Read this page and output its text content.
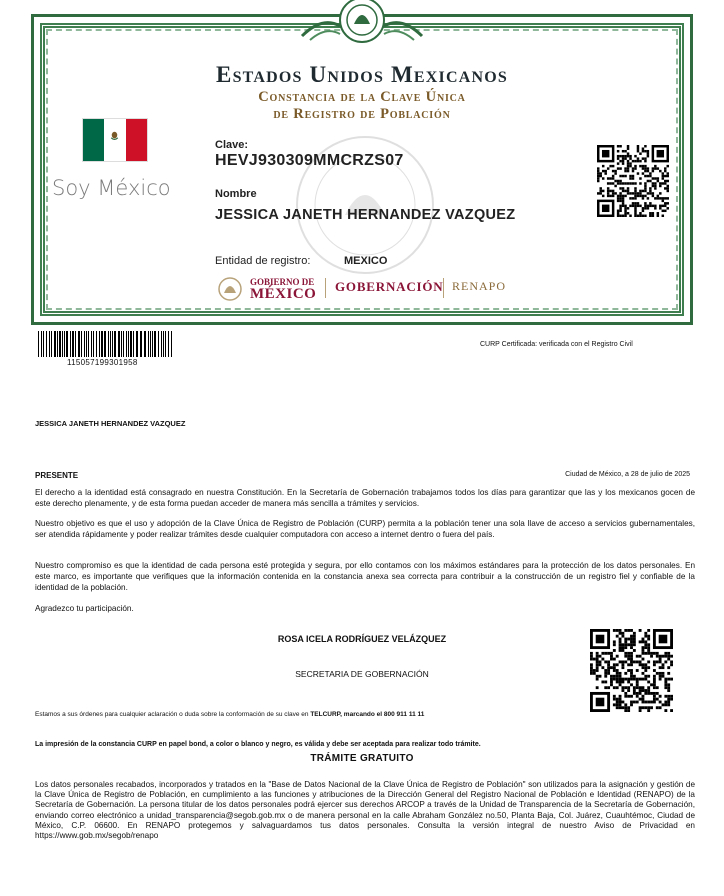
Estados Unidos Mexicanos
Constancia de la Clave Única
de Registro de Población
Soy México
Clave:
HEVJ930309MMCRZS07
Nombre
JESSICA JANETH HERNANDEZ VAZQUEZ
Entidad de registro:	MEXICO
GOBIERNO DE
MÉXICO GOBERNACIÓN RENAPO
115057199301958
CURP Certificada: verificada con el Registro Civil
JESSICA JANETH HERNANDEZ VAZQUEZ
PRESENTE	Ciudad de México, a 28 de julio de 2025
El derecho a la identidad está consagrado en nuestra Constitución. En la Secretaría de Gobernación trabajamos todos los días para garantizar que las y los mexicanos gocen de este derecho plenamente, y de esta forma puedan acceder de manera más sencilla a trámites y servicios.
Nuestro objetivo es que el uso y adopción de la Clave Única de Registro de Población (CURP) permita a la población tener una sola llave de acceso a servicios gubernamentales, ser atendida rápidamente y poder realizar trámites desde cualquier computadora con acceso a internet dentro o fuera del país.
Nuestro compromiso es que la identidad de cada persona esté protegida y segura, por ello contamos con los máximos estándares para la protección de los datos personales. En este marco, es importante que verifiques que la información contenida en la constancia anexa sea correcta para contribuir a la construcción de un registro fiel y confiable de la identidad de la población.
Agradezco tu participación.
ROSA ICELA RODRÍGUEZ VELÁZQUEZ
SECRETARIA DE GOBERNACIÓN
Estamos a sus órdenes para cualquier aclaración o duda sobre la conformación de su clave en TELCURP, marcando el 800 911 11 11
La impresión de la constancia CURP en papel bond, a color o blanco y negro, es válida y debe ser aceptada para realizar todo trámite.
TRÁMITE GRATUITO
Los datos personales recabados, incorporados y tratados en la "Base de Datos Nacional de la Clave Única de Registro de Población" son utilizados para la asignación y gestión de la Clave Única de Registro de Población, en cumplimiento a las funciones y atribuciones de la Dirección General del Registro Nacional de Población e Identidad (RENAPO) de la Secretaría de Gobernación. La persona titular de los datos personales podrá ejercer sus derechos ARCOP a través de la Unidad de Transparencia de la Secretaría de Gobernación, enviando correo electrónico a unidad_transparencia@segob.gob.mx o de manera personal en la calle Abraham González no.50, Planta Baja, Col. Juárez, Cuauhtémoc, Ciudad de México, C.P. 06600. En RENAPO protegemos y salvaguardamos tus datos personales. Consulta la versión integral de nuestro Aviso de Privacidad en https://www.gob.mx/segob/renapo
